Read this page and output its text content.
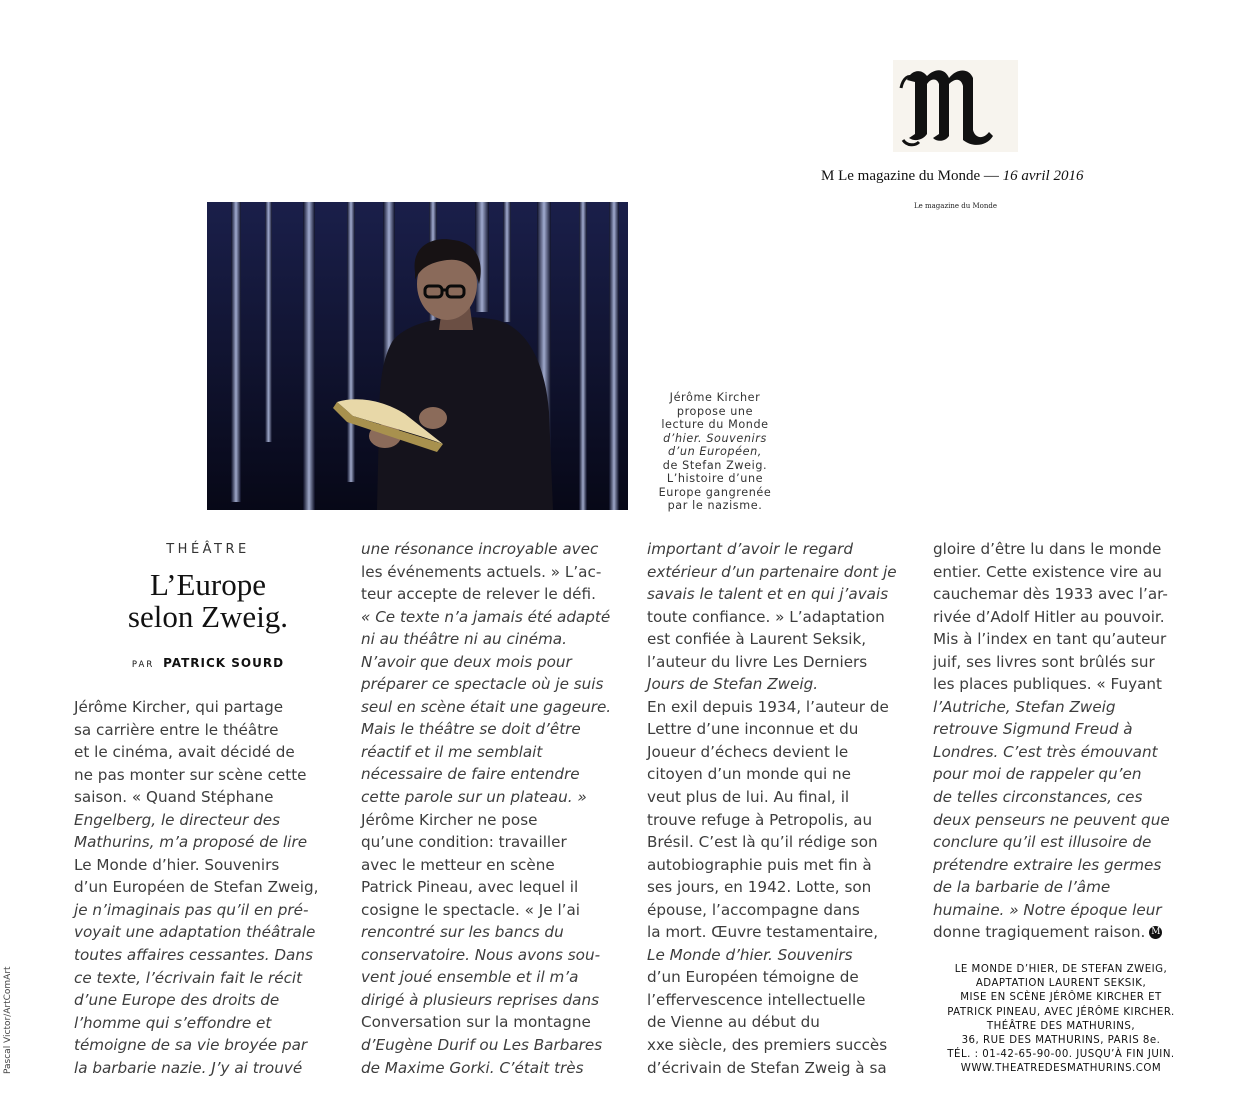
Le magazine du Monde
M Le magazine du Monde — 16 avril 2016
Jérôme Kircher
propose une
lecture du Monde
d’hier. Souvenirs
d’un Européen,
de Stefan Zweig.
L’histoire d’une
Europe gangrenée
par le nazisme.
THÉÂTRE
L’Europe
selon Zweig.
PAR PATRICK SOURD
Jérôme Kircher, qui partage
sa carrière entre le théâtre
et le cinéma, avait décidé de
ne pas monter sur scène cette
saison. « Quand Stéphane
Engelberg, le directeur des
Mathurins, m’a proposé de lire
Le Monde d’hier. Souvenirs
d’un Européen de Stefan Zweig,
je n’imaginais pas qu’il en pré-
voyait une adaptation théâtrale
toutes affaires cessantes. Dans
ce texte, l’écrivain fait le récit
d’une Europe des droits de
l’homme qui s’effondre et
témoigne de sa vie broyée par
la barbarie nazie. J’y ai trouvé
une résonance incroyable avec
les événements actuels. » L’ac-
teur accepte de relever le défi.
« Ce texte n’a jamais été adapté
ni au théâtre ni au cinéma.
N’avoir que deux mois pour
préparer ce spectacle où je suis
seul en scène était une gageure.
Mais le théâtre se doit d’être
réactif et il me semblait
nécessaire de faire entendre
cette parole sur un plateau. »
Jérôme Kircher ne pose
qu’une condition: travailler
avec le metteur en scène
Patrick Pineau, avec lequel il
cosigne le spectacle. « Je l’ai
rencontré sur les bancs du
conservatoire. Nous avons sou-
vent joué ensemble et il m’a
dirigé à plusieurs reprises dans
Conversation sur la montagne
d’Eugène Durif ou Les Barbares
de Maxime Gorki. C’était très
important d’avoir le regard
extérieur d’un partenaire dont je
savais le talent et en qui j’avais
toute confiance. » L’adaptation
est confiée à Laurent Seksik,
l’auteur du livre Les Derniers
Jours de Stefan Zweig.
En exil depuis 1934, l’auteur de
Lettre d’une inconnue et du
Joueur d’échecs devient le
citoyen d’un monde qui ne
veut plus de lui. Au final, il
trouve refuge à Petropolis, au
Brésil. C’est là qu’il rédige son
autobiographie puis met fin à
ses jours, en 1942. Lotte, son
épouse, l’accompagne dans
la mort. Œuvre testamentaire,
Le Monde d’hier. Souvenirs
d’un Européen témoigne de
l’effervescence intellectuelle
de Vienne au début du
xxe siècle, des premiers succès
d’écrivain de Stefan Zweig à sa
gloire d’être lu dans le monde
entier. Cette existence vire au
cauchemar dès 1933 avec l’ar-
rivée d’Adolf Hitler au pouvoir.
Mis à l’index en tant qu’auteur
juif, ses livres sont brûlés sur
les places publiques. « Fuyant
l’Autriche, Stefan Zweig
retrouve Sigmund Freud à
Londres. C’est très émouvant
pour moi de rappeler qu’en
de telles circonstances, ces
deux penseurs ne peuvent que
conclure qu’il est illusoire de
prétendre extraire les germes
de la barbarie de l’âme
humaine. » Notre époque leur
donne tragiquement raison. M
LE MONDE D’HIER, DE STEFAN ZWEIG,
ADAPTATION LAURENT SEKSIK,
MISE EN SCÈNE JÉRÔME KIRCHER ET
PATRICK PINEAU, AVEC JÉRÔME KIRCHER.
THÉÂTRE DES MATHURINS,
36, RUE DES MATHURINS, PARIS 8e.
TÉL. : 01-42-65-90-00. JUSQU’À FIN JUIN.
WWW.THEATREDESMATHURINS.COM
Pascal Victor/ArtComArt
